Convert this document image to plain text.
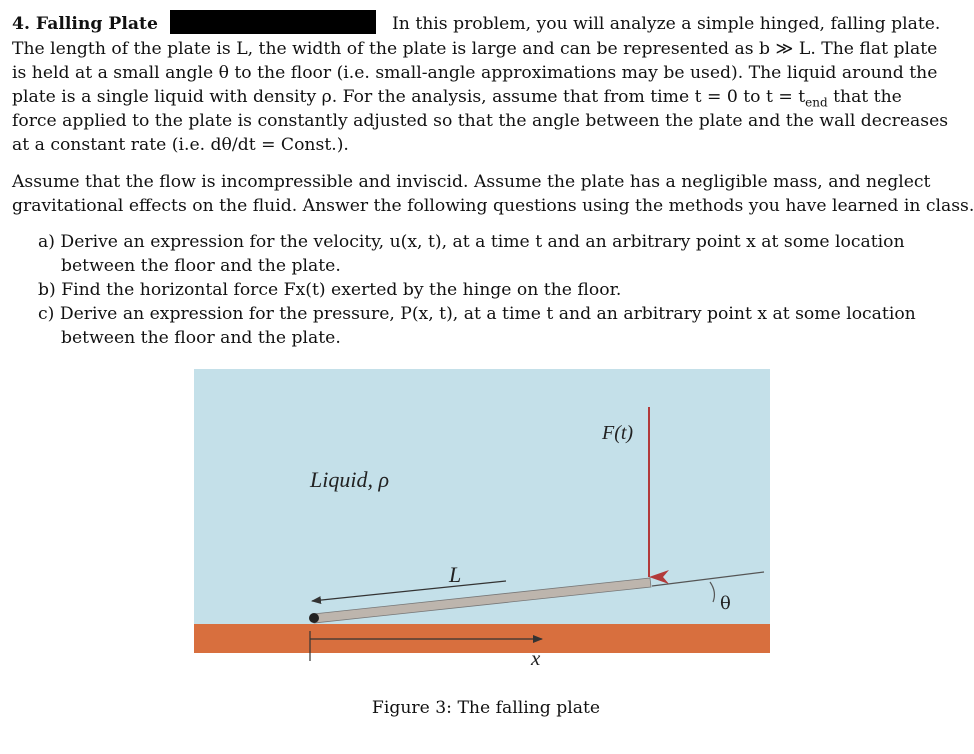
4. Falling Plate	In this problem, you will analyze a simple hinged, falling plate.
The length of the plate is L, the width of the plate is large and can be represented as b ≫ L. The flat plate
is held at a small angle θ to the floor (i.e. small-angle approximations may be used). The liquid around the
plate is a single liquid with density ρ. For the analysis, assume that from time t = 0 to $t = t_{end}$ that the
force applied to the plate is constantly adjusted so that the angle between the plate and the wall decreases
at a constant rate (i.e. dθ/dt = Const.).
Assume that the flow is incompressible and inviscid. Assume the plate has a negligible mass, and neglect
gravitational effects on the fluid. Answer the following questions using the methods you have learned in class.
a) Derive an expression for the velocity, u(x, t), at a time t and an arbitrary point x at some location
between the floor and the plate.
b) Find the horizontal force Fx(t) exerted by the hinge on the floor.
c) Derive an expression for the pressure, P(x, t), at a time t and an arbitrary point x at some location
between the floor and the plate.
Liquid, ρ
θ
L
F(t)
x
Figure 3: The falling plate
